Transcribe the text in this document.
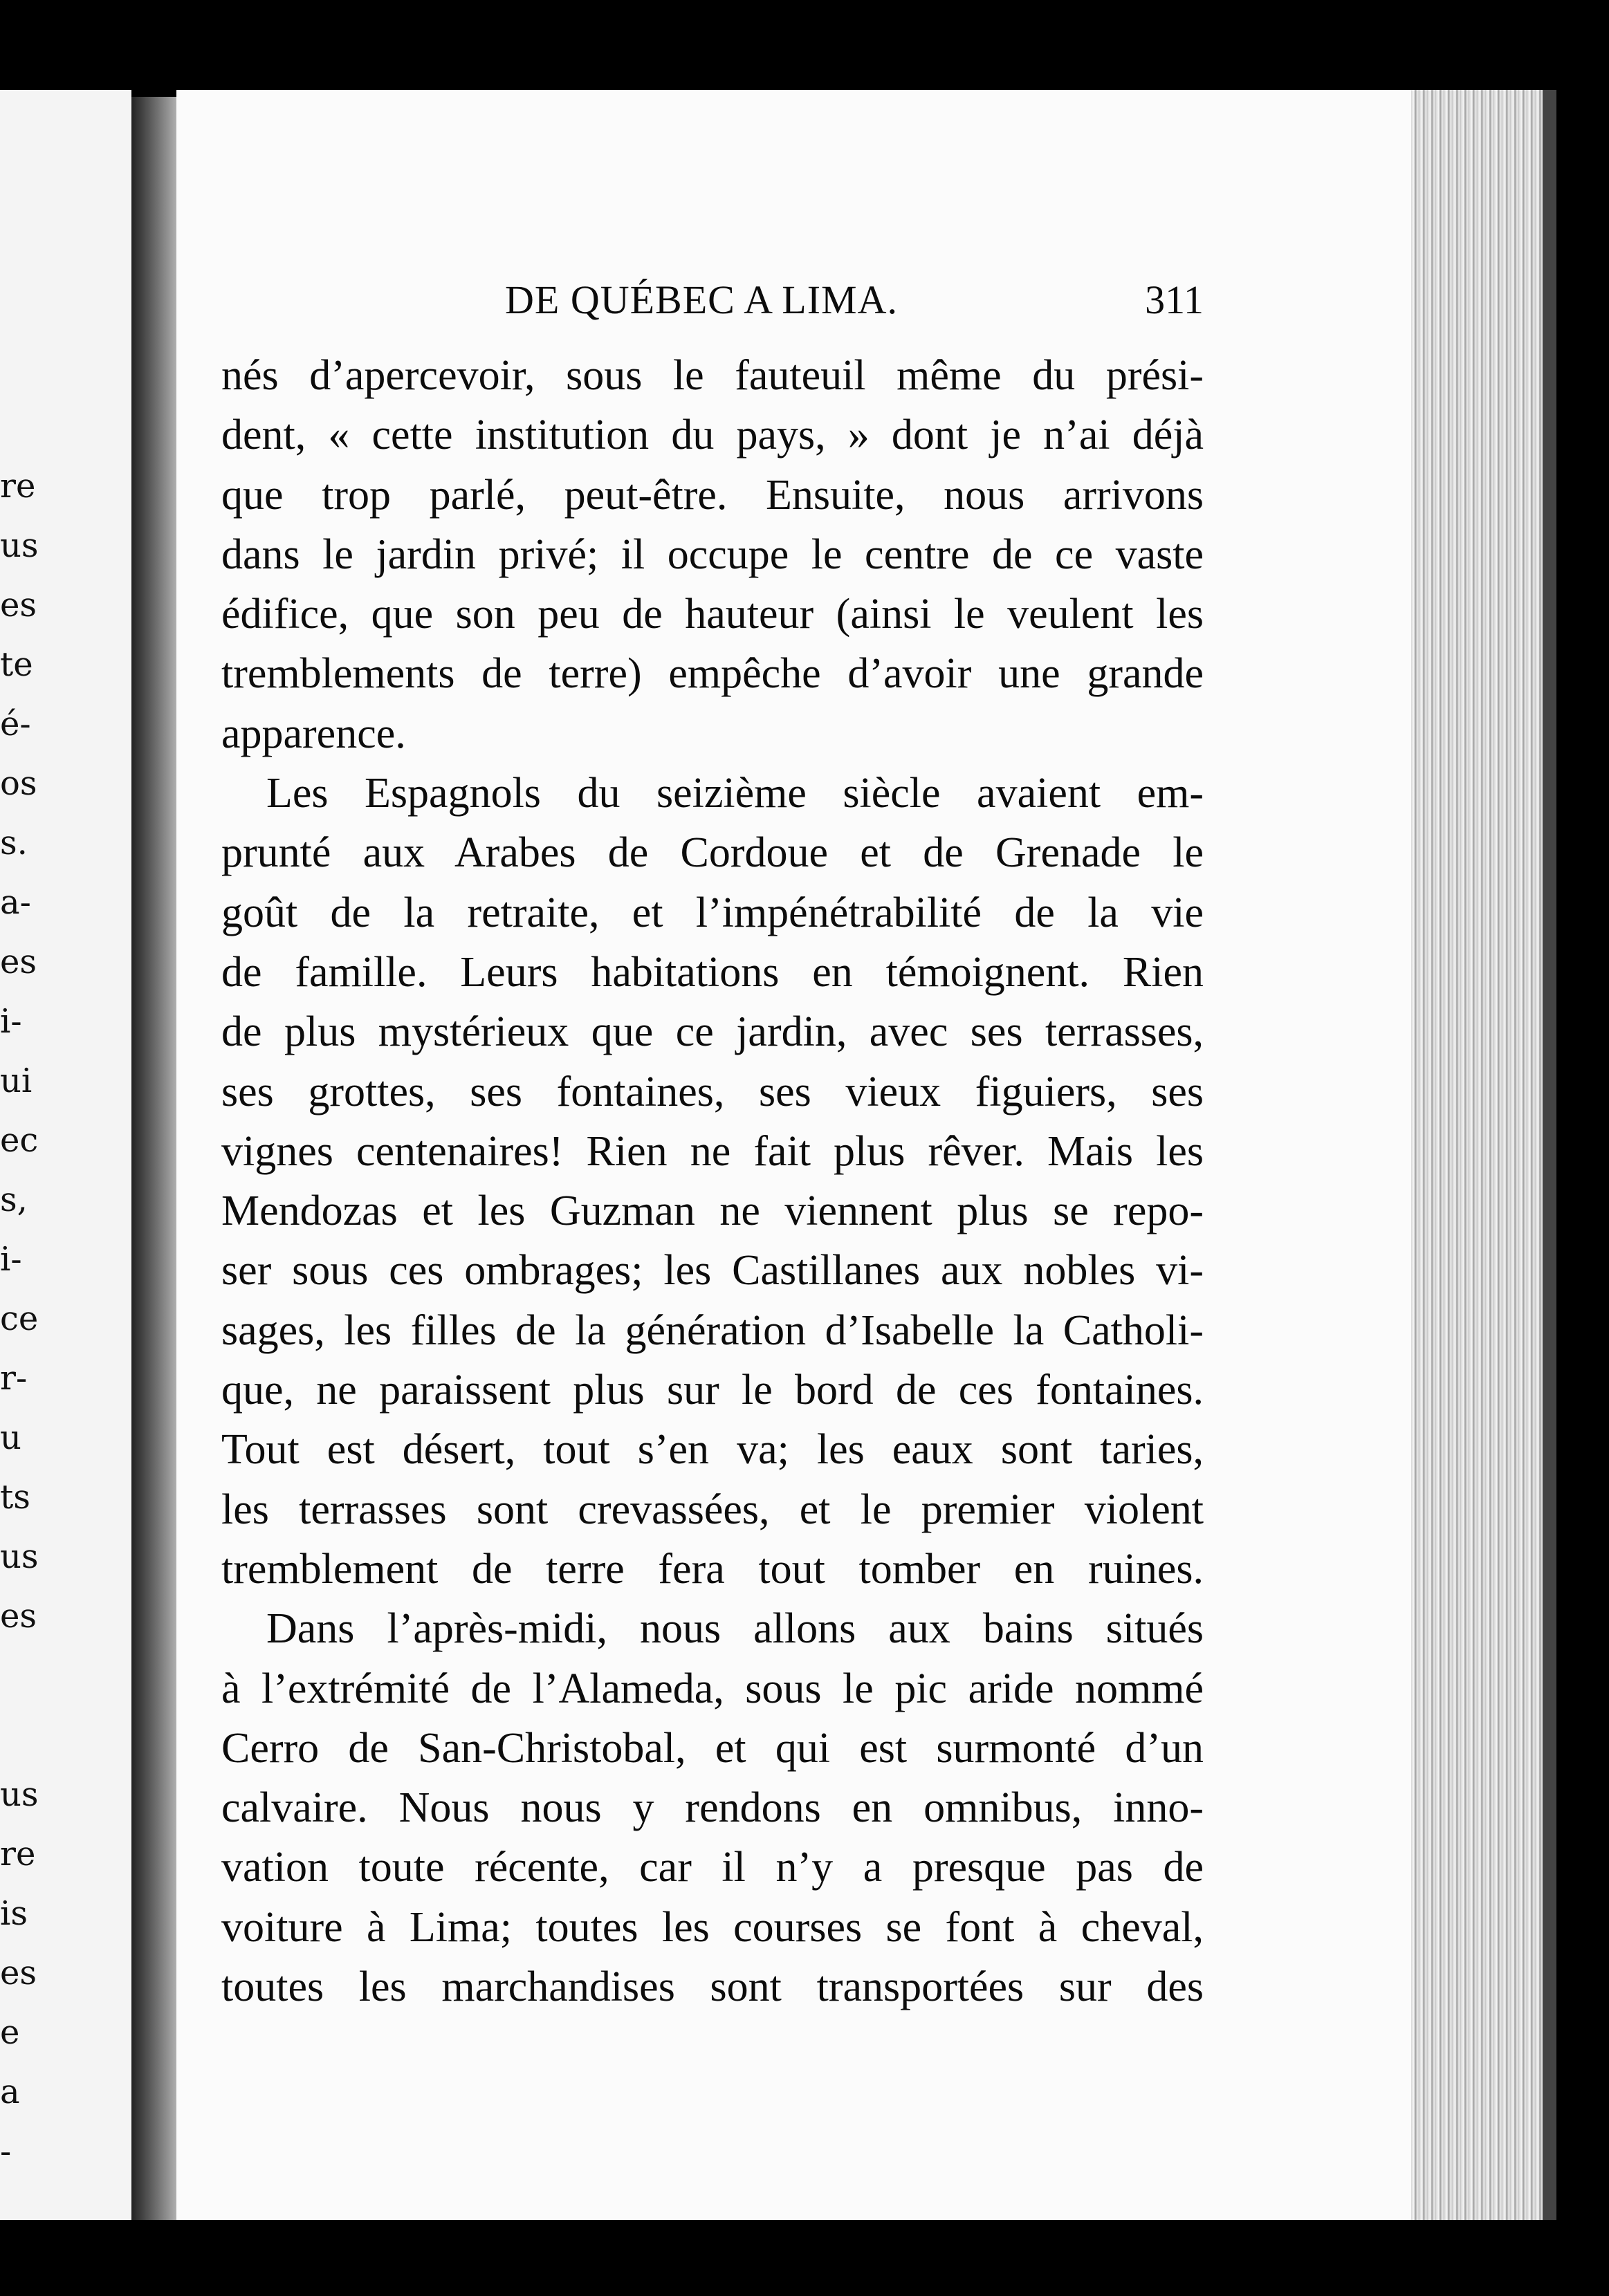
re
us
es
te
é-
os
s.
a-
es
i-
ui
ec
s,
i-
ce
r-
u
ts
us
es
us
re
is
es
e
a
-
DE QUÉBEC A LIMA.	311
nés d’apercevoir, sous le fauteuil même du prési-
dent, « cette institution du pays, » dont je n’ai déjà
que trop parlé, peut-être. Ensuite, nous arrivons
dans le jardin privé; il occupe le centre de ce vaste
édifice, que son peu de hauteur (ainsi le veulent les
tremblements de terre) empêche d’avoir une grande
apparence.
Les Espagnols du seizième siècle avaient em-
prunté aux Arabes de Cordoue et de Grenade le
goût de la retraite, et l’impénétrabilité de la vie
de famille. Leurs habitations en témoignent. Rien
de plus mystérieux que ce jardin, avec ses terrasses,
ses grottes, ses fontaines, ses vieux figuiers, ses
vignes centenaires! Rien ne fait plus rêver. Mais les
Mendozas et les Guzman ne viennent plus se repo-
ser sous ces ombrages; les Castillanes aux nobles vi-
sages, les filles de la génération d’Isabelle la Catholi-
que, ne paraissent plus sur le bord de ces fontaines.
Tout est désert, tout s’en va; les eaux sont taries,
les terrasses sont crevassées, et le premier violent
tremblement de terre fera tout tomber en ruines.
Dans l’après-midi, nous allons aux bains situés
à l’extrémité de l’Alameda, sous le pic aride nommé
Cerro de San-Christobal, et qui est surmonté d’un
calvaire. Nous nous y rendons en omnibus, inno-
vation toute récente, car il n’y a presque pas de
voiture à Lima; toutes les courses se font à cheval,
toutes les marchandises sont transportées sur des
